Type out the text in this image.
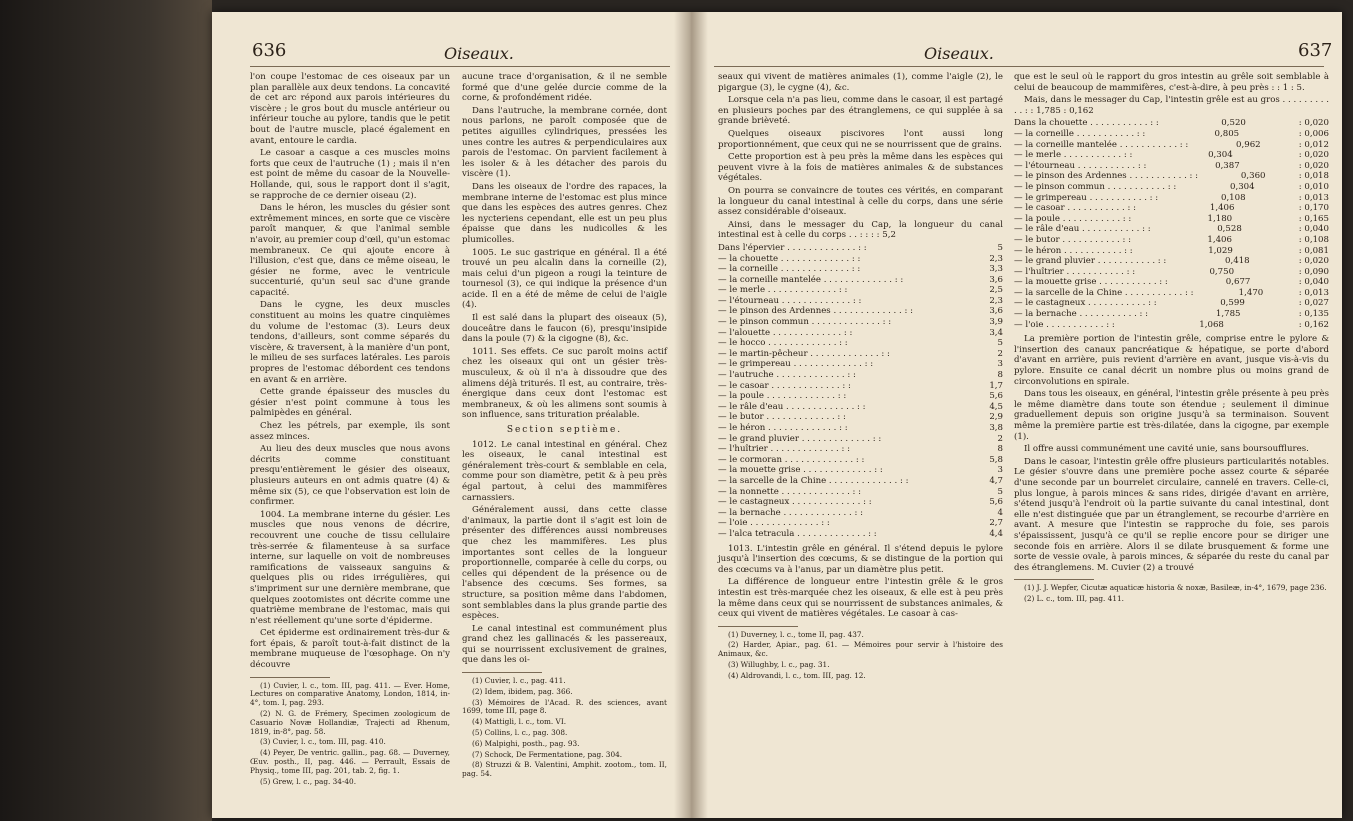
636	Oiseaux.

l'on coupe l'estomac de ces oiseaux par un plan parallèle aux deux tendons. La concavité de cet arc répond aux parois intérieures du viscère ; le gros bout du muscle antérieur ou inférieur touche au pylore, tandis que le petit bout de l'autre muscle, placé également en avant, entoure le cardia.

Le casoar a casque a ces muscles moins forts que ceux de l'autruche (1) ; mais il n'en est point de même du casoar de la Nouvelle-Hollande, qui, sous le rapport dont il s'agit, se rapproche de ce dernier oiseau (2).

Dans le héron, les muscles du gésier sont extrêmement minces, en sorte que ce viscère paroît manquer, & que l'animal semble n'avoir, au premier coup d'œil, qu'un estomac membraneux. Ce qui ajoute encore à l'illusion, c'est que, dans ce même oiseau, le gésier ne forme, avec le ventricule succenturié, qu'un seul sac d'une grande capacité.

Dans le cygne, les deux muscles constituent au moins les quatre cinquièmes du volume de l'estomac (3). Leurs deux tendons, d'ailleurs, sont comme séparés du viscère, & traversent, à la manière d'un pont, le milieu de ses surfaces latérales. Les parois propres de l'estomac débordent ces tendons en avant & en arrière.

Cette grande épaisseur des muscles du gésier n'est point commune à tous les palmipèdes en général.

Chez les pétrels, par exemple, ils sont assez minces.

Au lieu des deux muscles que nous avons décrits comme constituant presqu'entièrement le gésier des oiseaux, plusieurs auteurs en ont admis quatre (4) & même six (5), ce que l'observation est loin de confirmer.

1004. La membrane interne du gésier. Les muscles que nous venons de décrire, recouvrent une couche de tissu cellulaire très-serrée & filamenteuse à sa surface interne, sur laquelle on voit de nombreuses ramifications de vaisseaux sanguins & quelques plis ou rides irrégulières, qui s'impriment sur une dernière membrane, que quelques zootomistes ont décrite comme une quatrième membrane de l'estomac, mais qui n'est réellement qu'une sorte d'épiderme.

Cet épiderme est ordinairement très-dur & fort épais, & paroît tout-à-fait distinct de la membrane muqueuse de l'œsophage. On n'y découvre

(1) Cuvier, l. c., tom. III, pag. 411. — Ever. Home, Lectures on comparative Anatomy, London, 1814, in-4°, tom. I, pag. 293.

(2) N. G. de Frémery, Specimen zoologicum de Casuario Novæ Hollandiæ, Trajecti ad Rhenum, 1819, in-8°, pag. 58.

(3) Cuvier, l. c., tom. III, pag. 410.

(4) Peyer, De ventric. gallin., pag. 68. — Duverney, Œuv. posth., II, pag. 446. — Perrault, Essais de Physiq., tome III, pag. 201, tab. 2, fig. 1.

(5) Grew, l. c., pag. 34-40.

aucune trace d'organisation, & il ne semble formé que d'une gelée durcie comme de la corne, & profondément ridée.

Dans l'autruche, la membrane cornée, dont nous parlons, ne paroît composée que de petites aiguilles cylindriques, pressées les unes contre les autres & perpendiculaires aux parois de l'estomac. On parvient facilement à les isoler & à les détacher des parois du viscère (1).

Dans les oiseaux de l'ordre des rapaces, la membrane interne de l'estomac est plus mince que dans les espèces des autres genres. Chez les nycteriens cependant, elle est un peu plus épaisse que dans les nudicolles & les plumicolles.

1005. Le suc gastrique en général. Il a été trouvé un peu alcalin dans la corneille (2), mais celui d'un pigeon a rougi la teinture de tournesol (3), ce qui indique la présence d'un acide. Il en a été de même de celui de l'aigle (4).

Il est salé dans la plupart des oiseaux (5), douceâtre dans le faucon (6), presqu'insipide dans la poule (7) & la cigogne (8), &c.

1011. Ses effets. Ce suc paroît moins actif chez les oiseaux qui ont un gésier très-musculeux, & où il n'a à dissoudre que des alimens déjà triturés. Il est, au contraire, très-énergique dans ceux dont l'estomac est membraneux, & où les alimens sont soumis à son influence, sans trituration préalable.

Section septième.

1012. Le canal intestinal en général. Chez les oiseaux, le canal intestinal est généralement très-court & semblable en cela, comme pour son diamètre, petit & à peu près égal partout, à celui des mammifères carnassiers.

Généralement aussi, dans cette classe d'animaux, la partie dont il s'agit est loin de présenter des différences aussi nombreuses que chez les mammifères. Les plus importantes sont celles de la longueur proportionnelle, comparée à celle du corps, ou celles qui dépendent de la présence ou de l'absence des cœcums. Ses formes, sa structure, sa position même dans l'abdomen, sont semblables dans la plus grande partie des espèces.

Le canal intestinal est communément plus grand chez les gallinacés & les passereaux, qui se nourrissent exclusivement de graines, que dans les oi-

(1) Cuvier, l. c., pag. 411.

(2) Idem, ibidem, pag. 366.

(3) Mémoires de l'Acad. R. des sciences, avant 1699, tome III, page 8.

(4) Mattigli, l. c., tom. VI.

(5) Collins, l. c., pag. 308.

(6) Malpighi, posth., pag. 93.

(7) Schock, De Fermentatione, pag. 304.

(8) Struzzi & B. Valentini, Amphit. zootom., tom. II, pag. 54.

Oiseaux.	637

seaux qui vivent de matières animales (1), comme l'aigle (2), le pigargue (3), le cygne (4), &c.

Lorsque cela n'a pas lieu, comme dans le casoar, il est partagé en plusieurs poches par des étranglemens, ce qui supplée à sa grande brièveté.

Quelques oiseaux piscivores l'ont aussi long proportionnément, que ceux qui ne se nourrissent que de grains.

Cette proportion est à peu près la même dans les espèces qui peuvent vivre à la fois de matières animales & de substances végétales.

On pourra se convaincre de toutes ces vérités, en comparant la longueur du canal intestinal à celle du corps, dans une série assez considérable d'oiseaux.

Ainsi, dans le messager du Cap, la longueur du canal intestinal est à celle du corps . . : : : : 5,2

Dans l'épervier . . . . . . . . . . . . . : :	5
— la chouette . . . . . . . . . . . . . : :	2,3
— la corneille . . . . . . . . . . . . . : :	3,3
— la corneille mantelée . . . . . . . . . . . . . : :	3,6
— le merle . . . . . . . . . . . . . : :	2,5
— l'étourneau . . . . . . . . . . . . . : :	2,3
— le pinson des Ardennes . . . . . . . . . . . . . : :	3,6
— le pinson commun . . . . . . . . . . . . . : :	3,9
— l'alouette . . . . . . . . . . . . . : :	3,4
— le hocco . . . . . . . . . . . . . : :	5
— le martin-pêcheur . . . . . . . . . . . . . : :	2
— le grimpereau . . . . . . . . . . . . . : :	3
— l'autruche . . . . . . . . . . . . . : :	8
— le casoar . . . . . . . . . . . . . : :	1,7
— la poule . . . . . . . . . . . . . : :	5,6
— le râle d'eau . . . . . . . . . . . . . : :	4,5
— le butor . . . . . . . . . . . . . : :	2,9
— le héron . . . . . . . . . . . . . : :	3,8
— le grand pluvier . . . . . . . . . . . . . : :	2
— l'huîtrier . . . . . . . . . . . . . : :	8
— le cormoran . . . . . . . . . . . . . : :	5,8
— la mouette grise . . . . . . . . . . . . . : :	3
— la sarcelle de la Chine . . . . . . . . . . . . . : :	4,7
— la nonnette . . . . . . . . . . . . . : :	5
— le castagneux . . . . . . . . . . . . . : :	5,6
— la bernache . . . . . . . . . . . . . : :	4
— l'oie . . . . . . . . . . . . . : :	2,7
— l'alca tetracula . . . . . . . . . . . . . : :	4,4

1013. L'intestin grêle en général. Il s'étend depuis le pylore jusqu'à l'insertion des cœcums, & se distingue de la portion qui des cœcums va à l'anus, par un diamètre plus petit.

La différence de longueur entre l'intestin grêle & le gros intestin est très-marquée chez les oiseaux, & elle est à peu près la même dans ceux qui se nourrissent de substances animales, & ceux qui vivent de matières végétales. Le casoar à cas-

(1) Duverney, l. c., tome II, pag. 437.

(2) Harder, Apiar., pag. 61. — Mémoires pour servir à l'histoire des Animaux, &c.

(3) Willughby, l. c., pag. 31.

(4) Aldrovandi, l. c., tom. III, pag. 12.

que est le seul où le rapport du gros intestin au grêle soit semblable à celui de beaucoup de mammifères, c'est-à-dire, à peu près : : 1 : 5.

Mais, dans le messager du Cap, l'intestin grêle est au gros . . . . . . . . . . . : : 1,785 : 0,162

Dans la chouette . . . . . . . . . . . : :	0,520	: 0,020
— la corneille . . . . . . . . . . . : :	0,805	: 0,006
— la corneille mantelée . . . . . . . . . . . : :	0,962	: 0,012
— le merle . . . . . . . . . . . : :	0,304	: 0,020
— l'étourneau . . . . . . . . . . . : :	0,387	: 0,020
— le pinson des Ardennes . . . . . . . . . . . : :	0,360	: 0,018
— le pinson commun . . . . . . . . . . . : :	0,304	: 0,010
— le grimpereau . . . . . . . . . . . : :	0,108	: 0,013
— le casoar . . . . . . . . . . . : :	1,406	: 0,170
— la poule . . . . . . . . . . . : :	1,180	: 0,165
— le râle d'eau . . . . . . . . . . . : :	0,528	: 0,040
— le butor . . . . . . . . . . . : :	1,406	: 0,108
— le héron . . . . . . . . . . . : :	1,029	: 0,081
— le grand pluvier . . . . . . . . . . . : :	0,418	: 0,020
— l'huîtrier . . . . . . . . . . . : :	0,750	: 0,090
— la mouette grise . . . . . . . . . . . : :	0,677	: 0,040
— la sarcelle de la Chine . . . . . . . . . . . : :	1,470	: 0,013
— le castagneux . . . . . . . . . . . : :	0,599	: 0,027
— la bernache . . . . . . . . . . . : :	1,785	: 0,135
— l'oie . . . . . . . . . . . : :	1,068	: 0,162

La première portion de l'intestin grêle, comprise entre le pylore & l'insertion des canaux pancréatique & hépatique, se porte d'abord d'avant en arrière, puis revient d'arrière en avant, jusque vis-à-vis du pylore. Ensuite ce canal décrit un nombre plus ou moins grand de circonvolutions en spirale.

Dans tous les oiseaux, en général, l'intestin grêle présente à peu près le même diamètre dans toute son étendue ; seulement il diminue graduellement depuis son origine jusqu'à sa terminaison. Souvent même la première partie est très-dilatée, dans la cigogne, par exemple (1).

Il offre aussi communément une cavité unie, sans boursoufflures.

Dans le casoar, l'intestin grêle offre plusieurs particularités notables. Le gésier s'ouvre dans une première poche assez courte & séparée d'une seconde par un bourrelet circulaire, cannelé en travers. Celle-ci, plus longue, à parois minces & sans rides, dirigée d'avant en arrière, s'étend jusqu'à l'endroit où la partie suivante du canal intestinal, dont elle n'est distinguée que par un étranglement, se recourbe d'arrière en avant. A mesure que l'intestin se rapproche du foie, ses parois s'épaississent, jusqu'à ce qu'il se replie encore pour se diriger une seconde fois en arrière. Alors il se dilate brusquement & forme une sorte de vessie ovale, à parois minces, & séparée du reste du canal par des étranglemens. M. Cuvier (2) a trouvé

(1) J. J. Wepfer, Cicutæ aquaticæ historia & noxæ, Basileæ, in-4°, 1679, page 236.

(2) L. c., tom. III, pag. 411.
